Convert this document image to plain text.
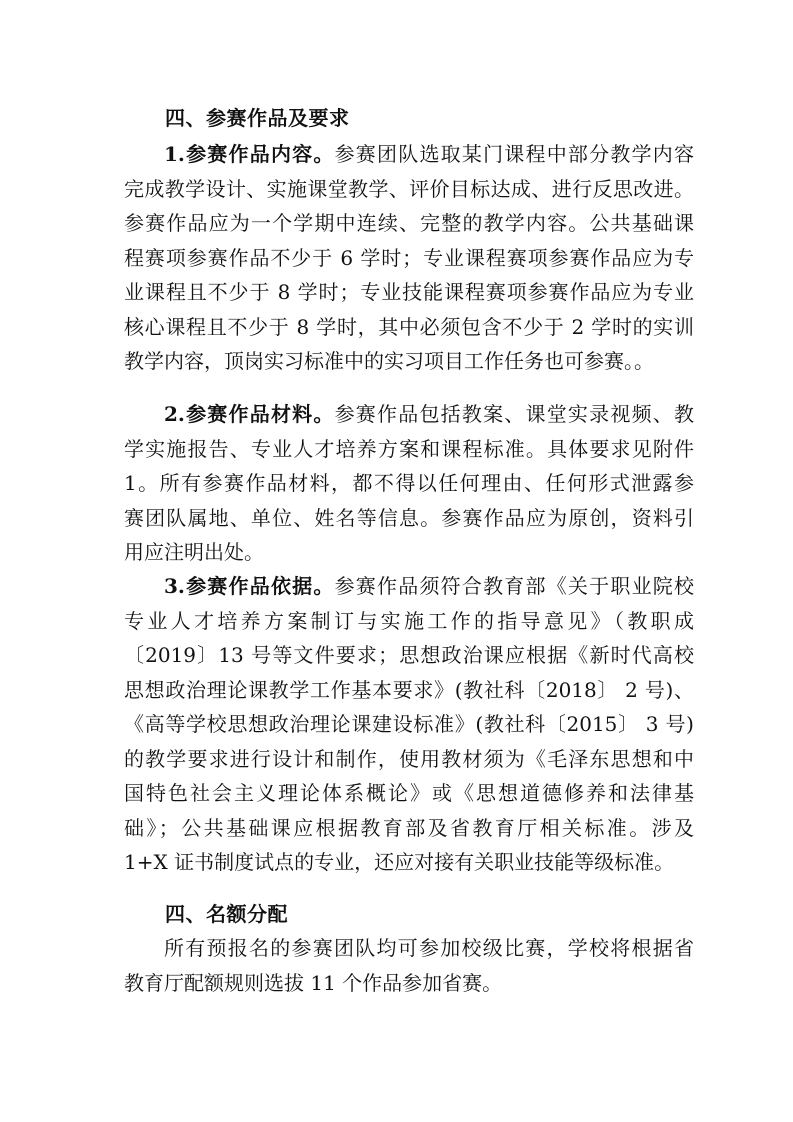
四、参赛作品及要求
1.参赛作品内容。参赛团队选取某门课程中部分教学内容
完成教学设计、实施课堂教学、评价目标达成、进行反思改进。
参赛作品应为一个学期中连续、完整的教学内容。公共基础课
程赛项参赛作品不少于 6 学时；专业课程赛项参赛作品应为专
业课程且不少于 8 学时；专业技能课程赛项参赛作品应为专业
核心课程且不少于 8 学时，其中必须包含不少于 2 学时的实训
教学内容，顶岗实习标准中的实习项目工作任务也可参赛。。
2.参赛作品材料。参赛作品包括教案、课堂实录视频、教
学实施报告、专业人才培养方案和课程标准。具体要求见附件
1。所有参赛作品材料，都不得以任何理由、任何形式泄露参
赛团队属地、单位、姓名等信息。参赛作品应为原创，资料引
用应注明出处。
3.参赛作品依据。参赛作品须符合教育部《关于职业院校
专业人才培养方案制订与实施工作的指导意见》（教职成
〔2019〕13 号等文件要求；思想政治课应根据《新时代高校
思想政治理论课教学工作基本要求》(教社科〔2018〕 2 号)、
《高等学校思想政治理论课建设标准》(教社科〔2015〕 3 号)
的教学要求进行设计和制作，使用教材须为《毛泽东思想和中
国特色社会主义理论体系概论》或《思想道德修养和法律基
础》；公共基础课应根据教育部及省教育厅相关标准。涉及
1+X 证书制度试点的专业，还应对接有关职业技能等级标准。
四、名额分配
所有预报名的参赛团队均可参加校级比赛，学校将根据省
教育厅配额规则选拔 11 个作品参加省赛。
